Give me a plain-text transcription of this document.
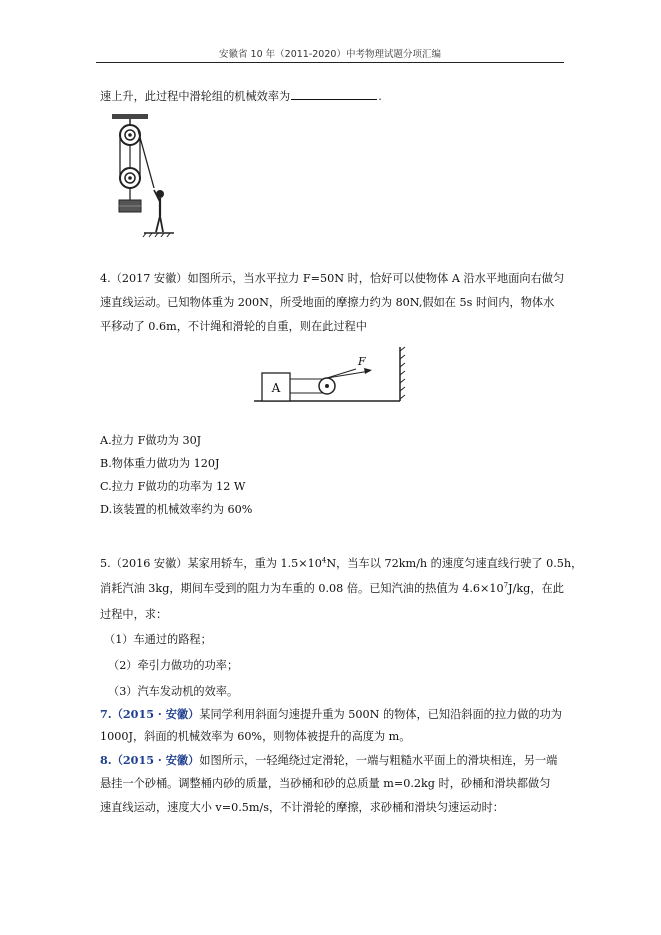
安徽省 10 年（2011-2020）中考物理试题分项汇编
速上升，此过程中滑轮组的机械效率为	.
4.（2017 安徽）如图所示，当水平拉力 F=50N 时，恰好可以使物体 A 沿水平地面向右做匀
速直线运动。已知物体重为 200N，所受地面的摩擦力约为 80N,假如在 5s 时间内，物体水
平移动了 0.6m，不计绳和滑轮的自重，则在此过程中
A
F
A.拉力 F做功为 30J
B.物体重力做功为 120J
C.拉力 F做功的功率为 12 W
D.该装置的机械效率约为 60%
5.（2016 安徽）某家用轿车，重为 $1.5\times 10^4N$，当车以 72km/h 的速度匀速直线行驶了 0.5h，
消耗汽油 3kg，期间车受到的阻力为车重的 0.08 倍。已知汽油的热值为 $4.6\times 10^7J/kg$，在此
过程中，求：
（1）车通过的路程；
（2）牵引力做功的功率；
（3）汽车发动机的效率。
7.（2015 · 安徽）某同学利用斜面匀速提升重为 500N 的物体，已知沿斜面的拉力做的功为
1000J，斜面的机械效率为 60%，则物体被提升的高度为 m。
8.（2015 · 安徽）如图所示，一轻绳绕过定滑轮，一端与粗糙水平面上的滑块相连，另一端
悬挂一个砂桶。调整桶内砂的质量，当砂桶和砂的总质量 m=0.2kg 时，砂桶和滑块都做匀
速直线运动，速度大小 v=0.5m/s，不计滑轮的摩擦，求砂桶和滑块匀速运动时：
